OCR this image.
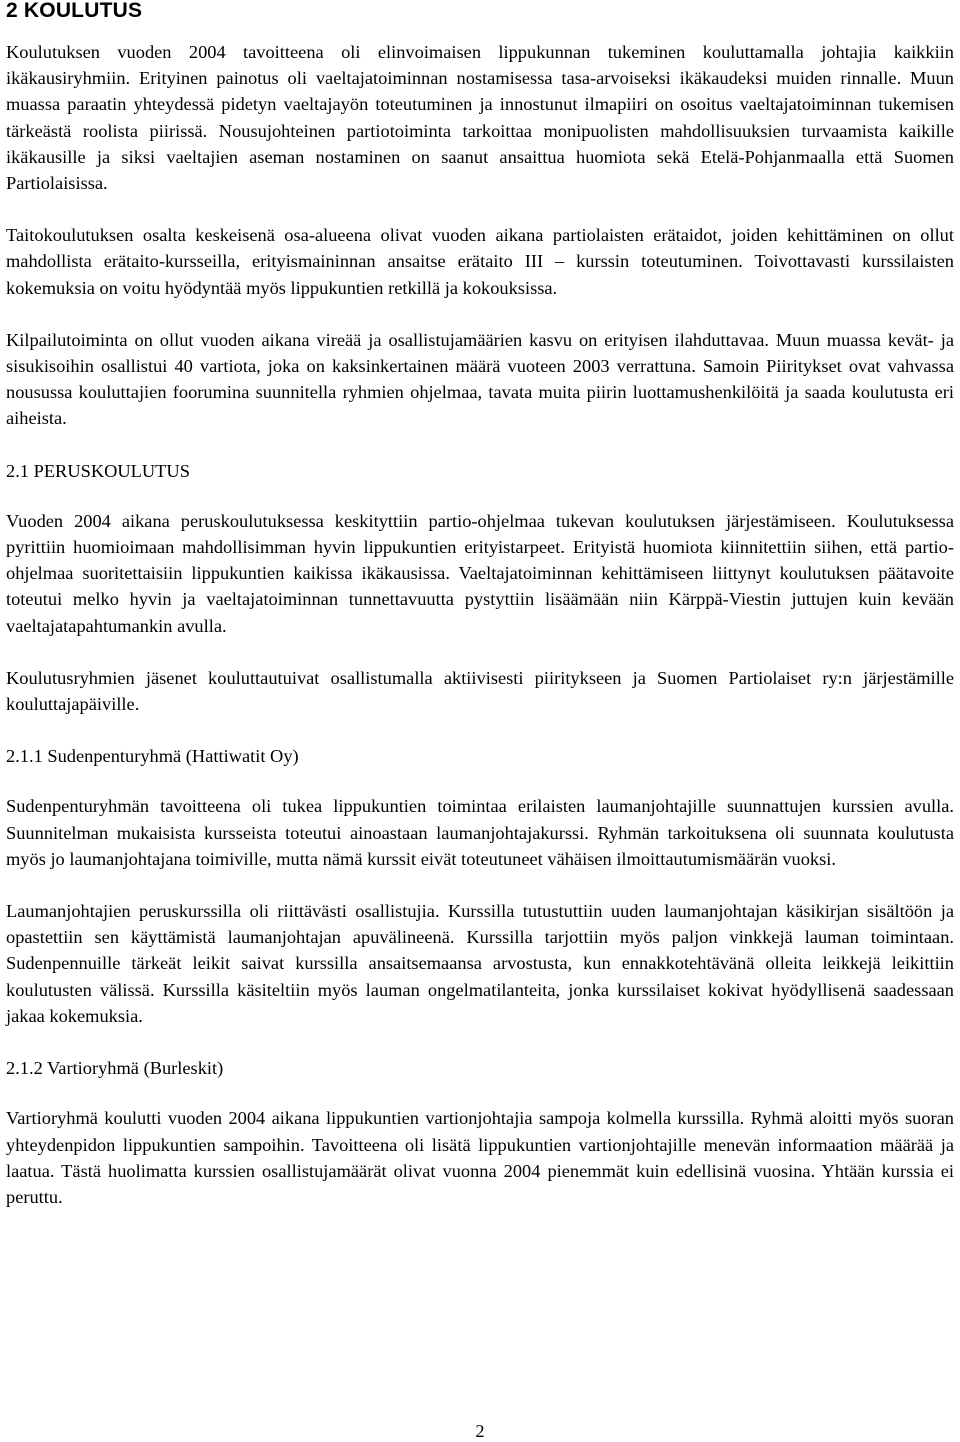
2 KOULUTUS

Koulutuksen vuoden 2004 tavoitteena oli elinvoimaisen lippukunnan tukeminen kouluttamalla johtajia kaikkiin ikäkausiryhmiin. Erityinen painotus oli vaeltajatoiminnan nostamisessa tasa-arvoiseksi ikäkaudeksi muiden rinnalle. Muun muassa paraatin yhteydessä pidetyn vaeltajayön toteutuminen ja innostunut ilmapiiri on osoitus vaeltajatoiminnan tukemisen tärkeästä roolista piirissä. Nousujohteinen partiotoiminta tarkoittaa monipuolisten mahdollisuuksien turvaamista kaikille ikäkausille ja siksi vaeltajien aseman nostaminen on saanut ansaittua huomiota sekä Etelä-Pohjanmaalla että Suomen Partiolaisissa.

Taitokoulutuksen osalta keskeisenä osa-alueena olivat vuoden aikana partiolaisten erätaidot, joiden kehittäminen on ollut mahdollista erätaito-kursseilla, erityismaininnan ansaitse erätaito III – kurssin toteutuminen. Toivottavasti kurssilaisten kokemuksia on voitu hyödyntää myös lippukuntien retkillä ja kokouksissa.

Kilpailutoiminta on ollut vuoden aikana vireää ja osallistujamäärien kasvu on erityisen ilahduttavaa. Muun muassa kevät- ja sisukisoihin osallistui 40 vartiota, joka on kaksinkertainen määrä vuoteen 2003 verrattuna. Samoin Piiritykset ovat vahvassa nousussa kouluttajien foorumina suunnitella ryhmien ohjelmaa, tavata muita piirin luottamushenkilöitä ja saada koulutusta eri aiheista.

2.1 PERUSKOULUTUS

Vuoden 2004 aikana peruskoulutuksessa keskityttiin partio-ohjelmaa tukevan koulutuksen järjestämiseen. Koulutuksessa pyrittiin huomioimaan mahdollisimman hyvin lippukuntien erityistarpeet. Erityistä huomiota kiinnitettiin siihen, että partio-ohjelmaa suoritettaisiin lippukuntien kaikissa ikäkausissa. Vaeltajatoiminnan kehittämiseen liittynyt koulutuksen päätavoite toteutui melko hyvin ja vaeltajatoiminnan tunnettavuutta pystyttiin lisäämään niin Kärppä-Viestin juttujen kuin kevään vaeltajatapahtumankin avulla.

Koulutusryhmien jäsenet kouluttautuivat osallistumalla aktiivisesti piiritykseen ja Suomen Partiolaiset ry:n järjestämille kouluttajapäiville.

2.1.1 Sudenpenturyhmä (Hattiwatit Oy)

Sudenpenturyhmän tavoitteena oli tukea lippukuntien toimintaa erilaisten laumanjohtajille suunnattujen kurssien avulla. Suunnitelman mukaisista kursseista toteutui ainoastaan laumanjohtajakurssi. Ryhmän tarkoituksena oli suunnata koulutusta myös jo laumanjohtajana toimiville, mutta nämä kurssit eivät toteutuneet vähäisen ilmoittautumismäärän vuoksi.

Laumanjohtajien peruskurssilla oli riittävästi osallistujia. Kurssilla tutustuttiin uuden laumanjohtajan käsikirjan sisältöön ja opastettiin sen käyttämistä laumanjohtajan apuvälineenä. Kurssilla tarjottiin myös paljon vinkkejä lauman toimintaan. Sudenpennuille tärkeät leikit saivat kurssilla ansaitsemaansa arvostusta, kun ennakkotehtävänä olleita leikkejä leikittiin koulutusten välissä. Kurssilla käsiteltiin myös lauman ongelmatilanteita, jonka kurssilaiset kokivat hyödyllisenä saadessaan jakaa kokemuksia.

2.1.2 Vartioryhmä (Burleskit)

Vartioryhmä koulutti vuoden 2004 aikana lippukuntien vartionjohtajia sampoja kolmella kurssilla. Ryhmä aloitti myös suoran yhteydenpidon lippukuntien sampoihin. Tavoitteena oli lisätä lippukuntien vartionjohtajille menevän informaation määrää ja laatua. Tästä huolimatta kurssien osallistujamäärät olivat vuonna 2004 pienemmät kuin edellisinä vuosina. Yhtään kurssia ei peruttu.

2
